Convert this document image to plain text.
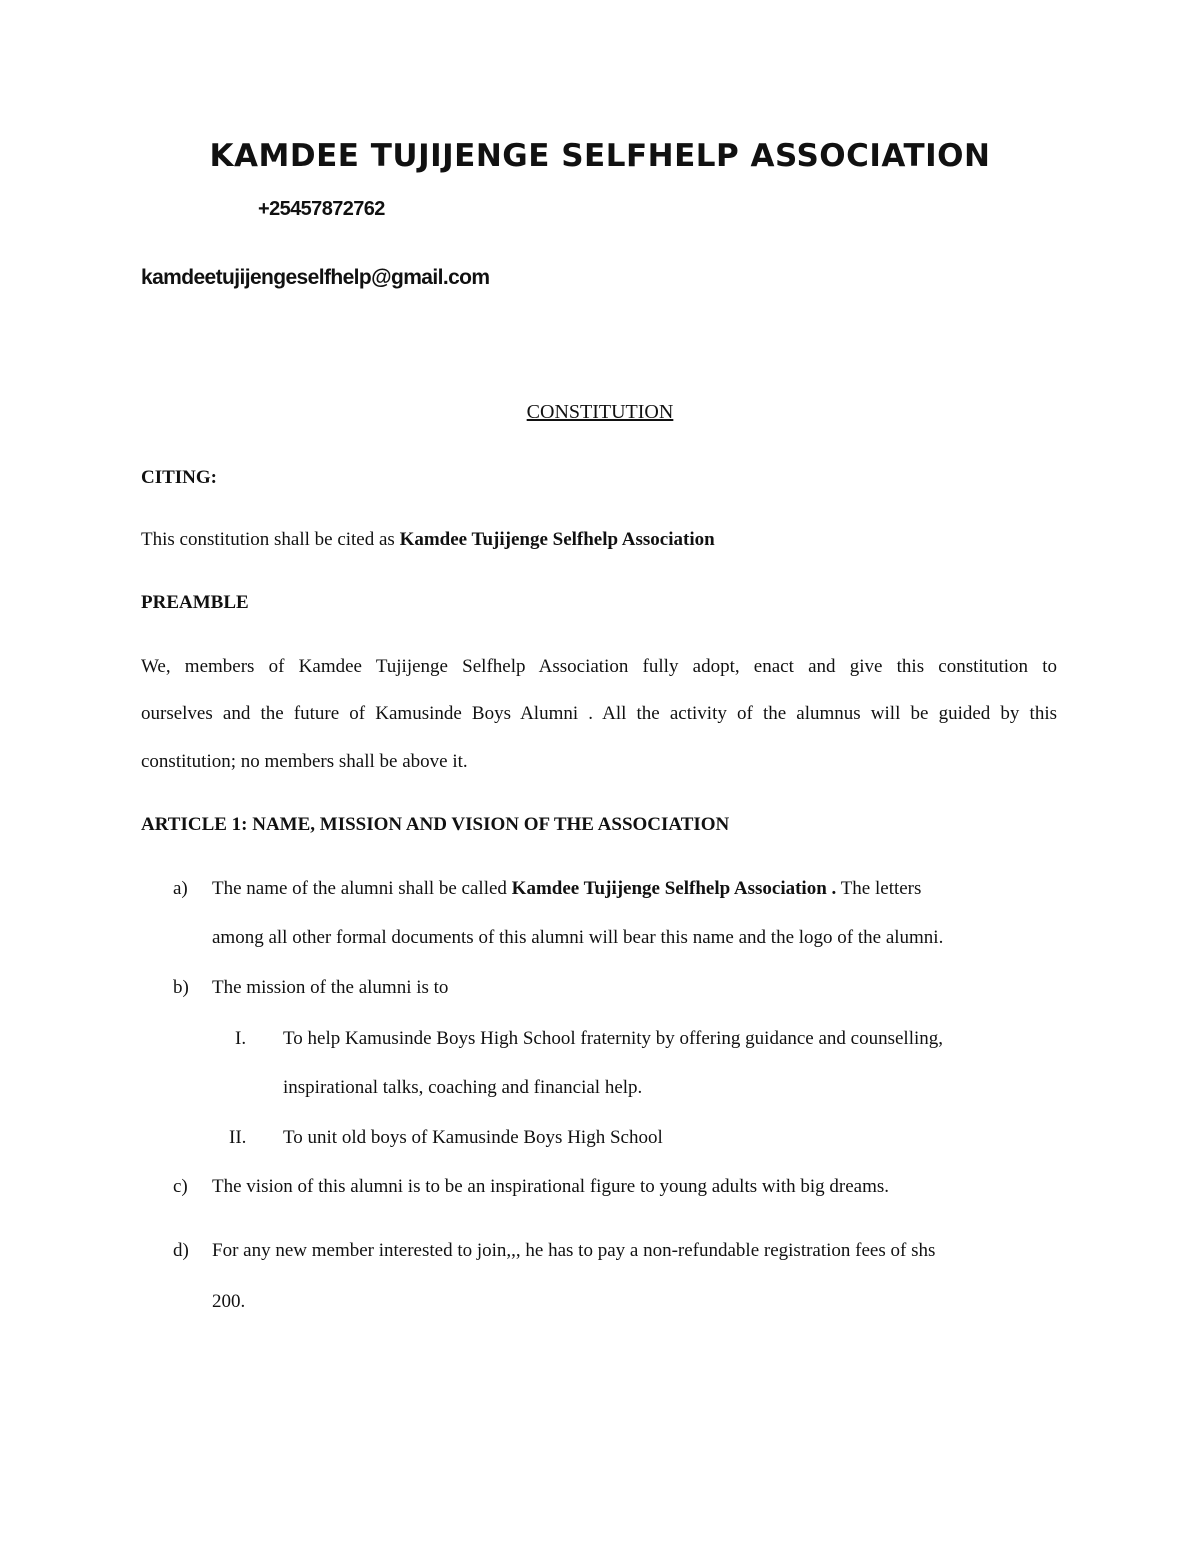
KAMDEE TUJIJENGE SELFHELP ASSOCIATION
+25457872762
kamdeetujijengeselfhelp@gmail.com
CONSTITUTION
CITING:
This constitution shall be cited as Kamdee Tujijenge Selfhelp Association
PREAMBLE
We, members of Kamdee Tujijenge Selfhelp Association fully adopt, enact and give this constitution to
ourselves and the future of Kamusinde Boys Alumni . All the activity of the alumnus will be guided by this
constitution; no members shall be above it.
ARTICLE 1: NAME, MISSION AND VISION OF THE ASSOCIATION
a) The name of the alumni shall be called Kamdee Tujijenge Selfhelp Association . The letters
among all other formal documents of this alumni will bear this name and the logo of the alumni.
b) The mission of the alumni is to
I. To help Kamusinde Boys High School fraternity by offering guidance and counselling,
inspirational talks, coaching and financial help.
II. To unit old boys of Kamusinde Boys High School
c) The vision of this alumni is to be an inspirational figure to young adults with big dreams.
d) For any new member interested to join,,, he has to pay a non-refundable registration fees of shs
200.
